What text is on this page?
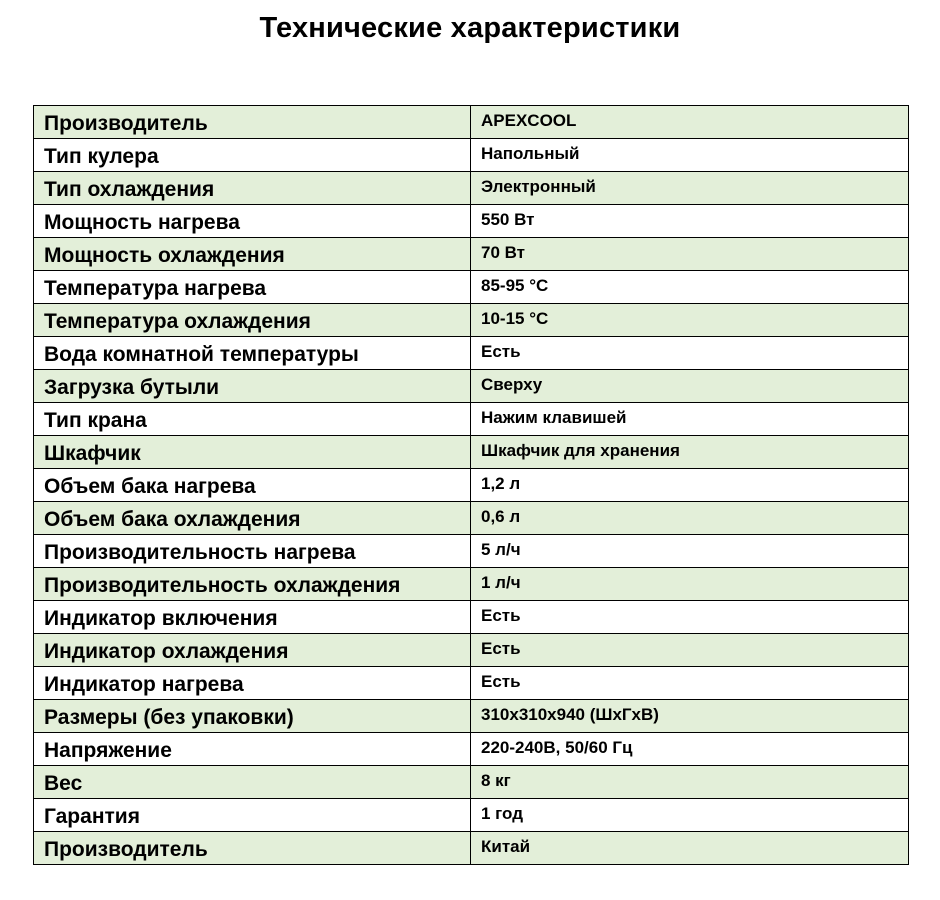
Технические характеристики
Производитель	APEXCOOL
Тип кулера	Напольный
Тип охлаждения	Электронный
Мощность нагрева	550 Вт
Мощность охлаждения	70 Вт
Температура нагрева	85-95 °С
Температура охлаждения	10-15 °С
Вода комнатной температуры	Есть
Загрузка бутыли	Сверху
Тип крана	Нажим клавишей
Шкафчик	Шкафчик для хранения
Объем бака нагрева	1,2 л
Объем бака охлаждения	0,6 л
Производительность нагрева	5 л/ч
Производительность охлаждения	1 л/ч
Индикатор включения	Есть
Индикатор охлаждения	Есть
Индикатор нагрева	Есть
Размеры (без упаковки)	310х310х940 (ШхГхВ)
Напряжение	220-240В, 50/60 Гц
Вес	8 кг
Гарантия	1 год
Производитель	Китай
